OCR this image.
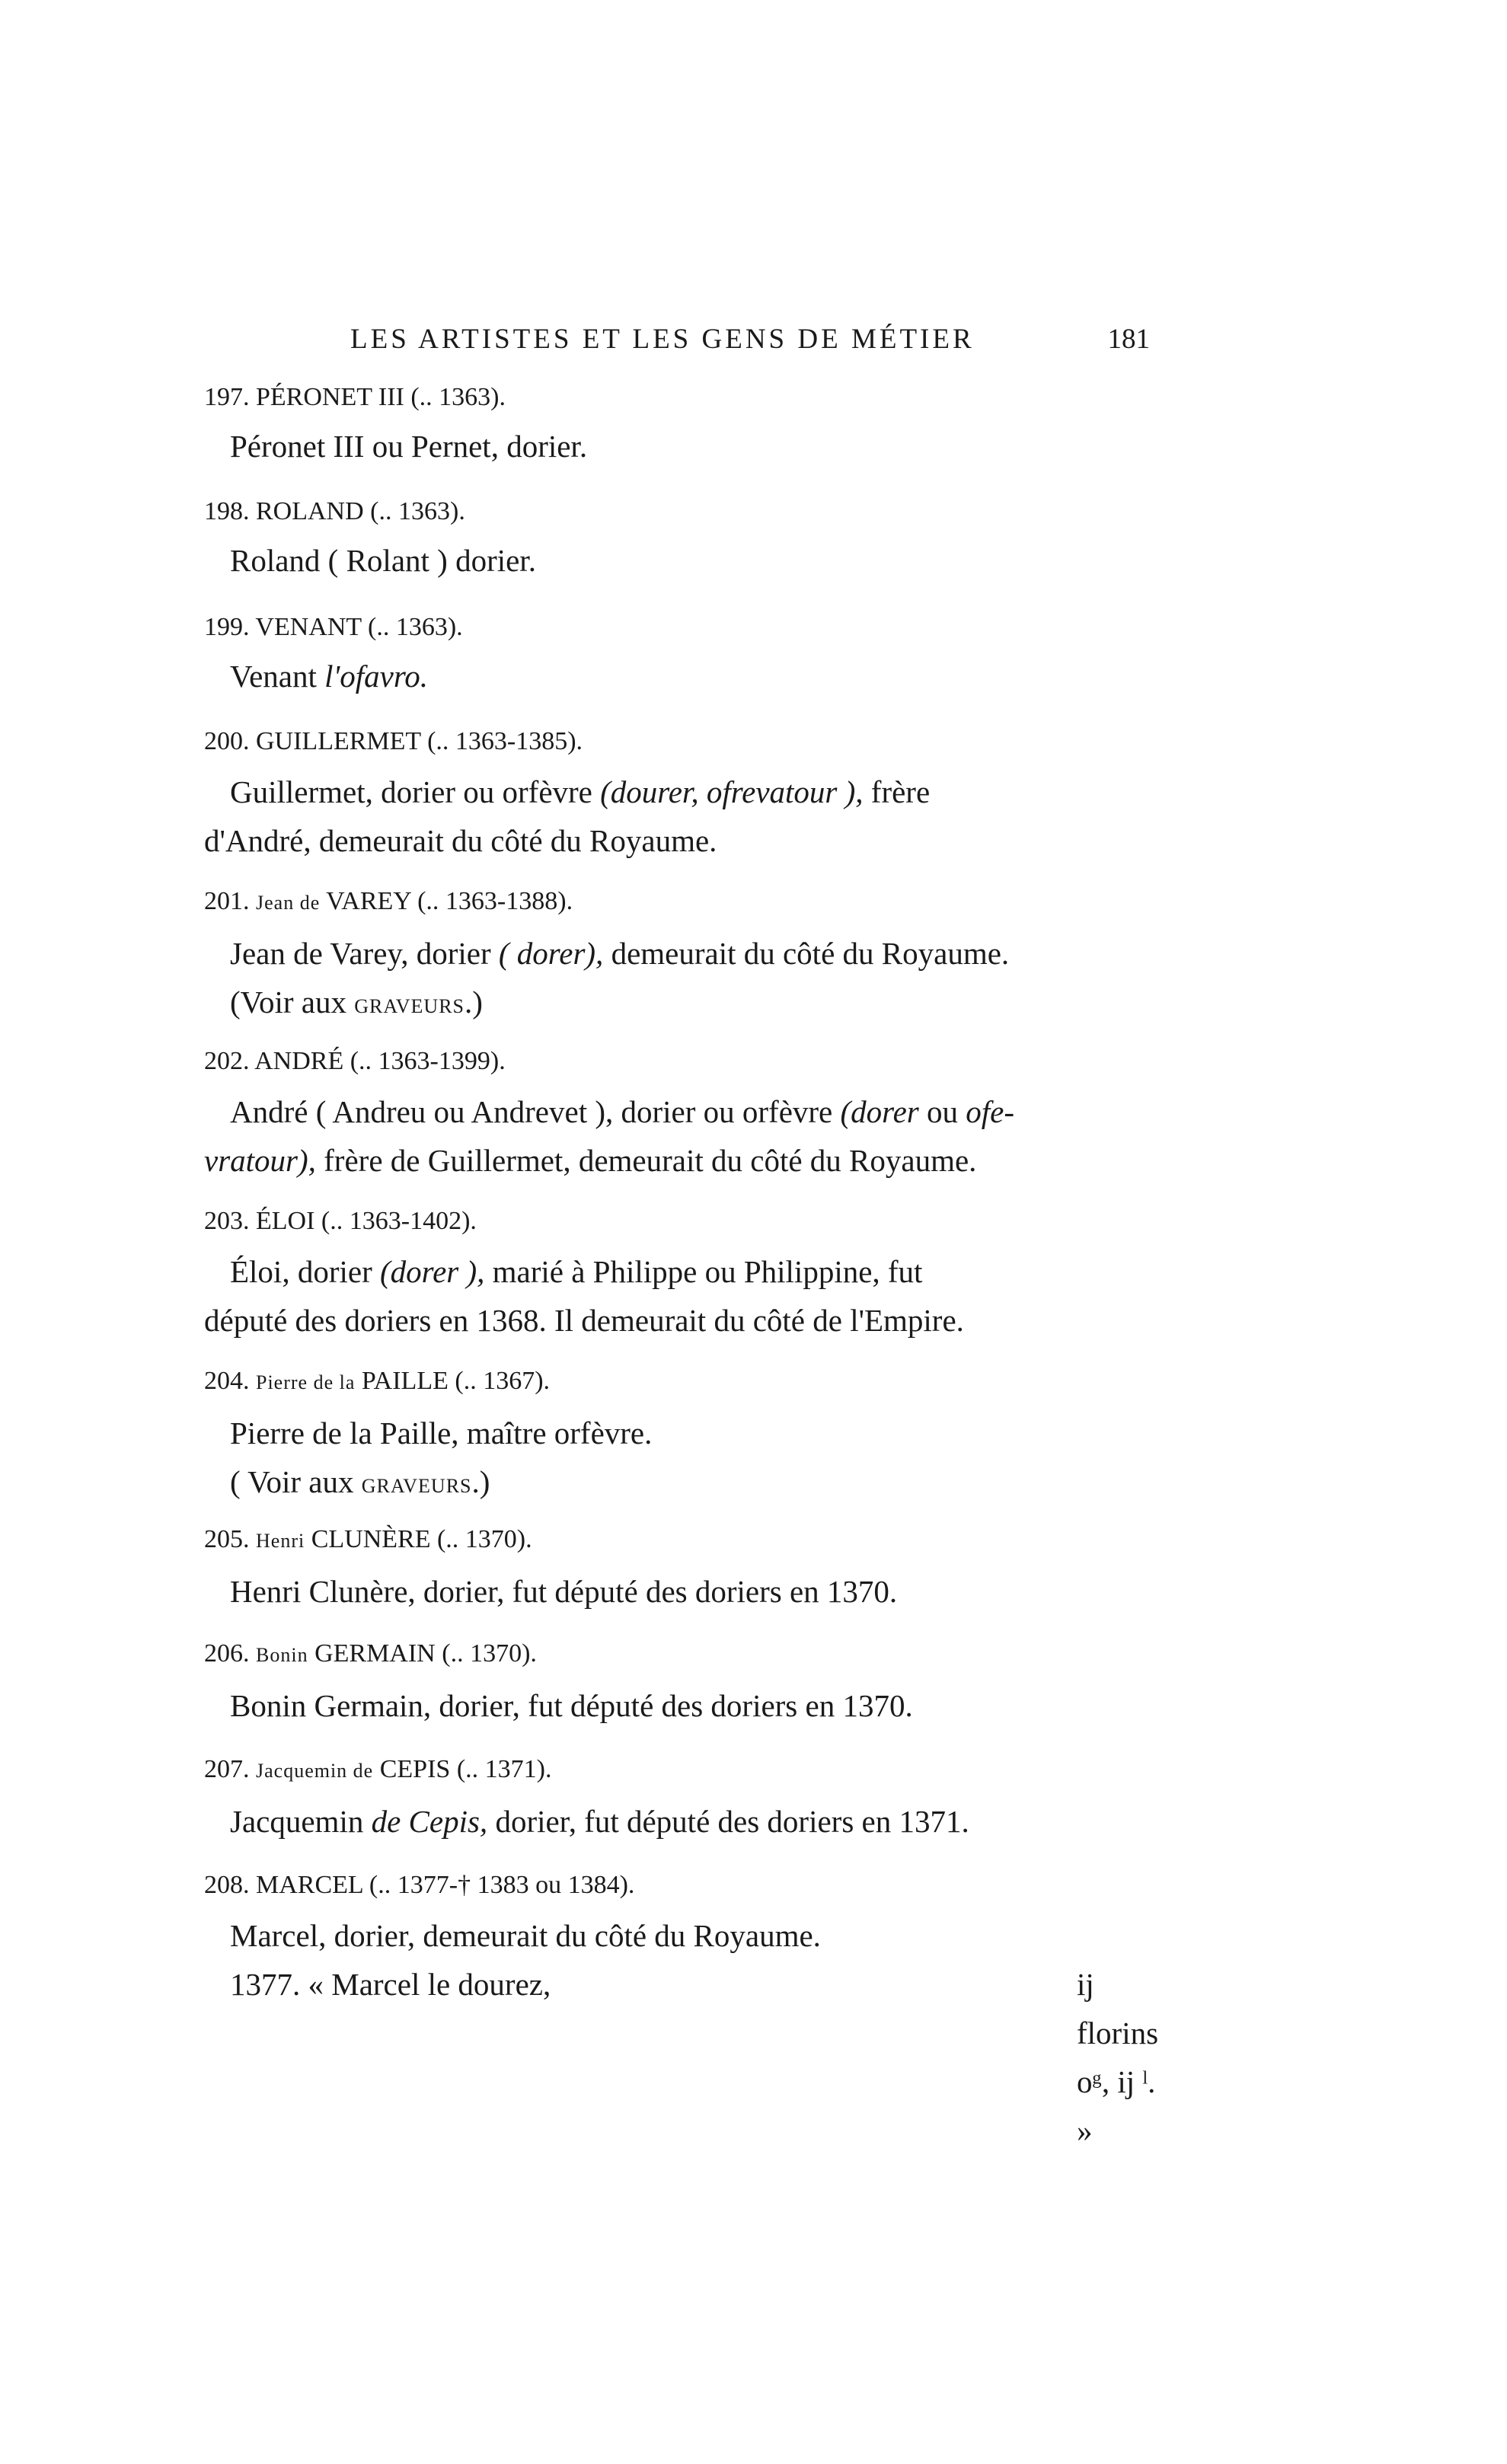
LES ARTISTES ET LES GENS DE MÉTIER	181
197. PÉRONET III (.. 1363).
Péronet III ou Pernet, dorier.
198. ROLAND (.. 1363).
Roland ( Rolant ) dorier.
199. VENANT (.. 1363).
Venant l'ofavro.
200. GUILLERMET (.. 1363-1385).
Guillermet, dorier ou orfèvre (dourer, ofrevatour ), frère
d'André, demeurait du côté du Royaume.
201. Jean de VAREY (.. 1363-1388).
Jean de Varey, dorier ( dorer), demeurait du côté du Royaume.
(Voir aux GRAVEURS.)
202. ANDRÉ (.. 1363-1399).
André ( Andreu ou Andrevet ), dorier ou orfèvre (dorer ou ofe-
vratour), frère de Guillermet, demeurait du côté du Royaume.
203. ÉLOI (.. 1363-1402).
Éloi, dorier (dorer ), marié à Philippe ou Philippine, fut
député des doriers en 1368. Il demeurait du côté de l'Empire.
204. Pierre de la PAILLE (.. 1367).
Pierre de la Paille, maître orfèvre.
( Voir aux GRAVEURS.)
205. Henri CLUNÈRE (.. 1370).
Henri Clunère, dorier, fut député des doriers en 1370.
206. Bonin GERMAIN (.. 1370).
Bonin Germain, dorier, fut député des doriers en 1370.
207. Jacquemin de CEPIS (.. 1371).
Jacquemin de Cepis, dorier, fut député des doriers en 1371.
208. MARCEL (.. 1377-† 1383 ou 1384).
Marcel, dorier, demeurait du côté du Royaume.
1377. « Marcel le dourez,	ij florins oᵍ, ij ˡ. »
